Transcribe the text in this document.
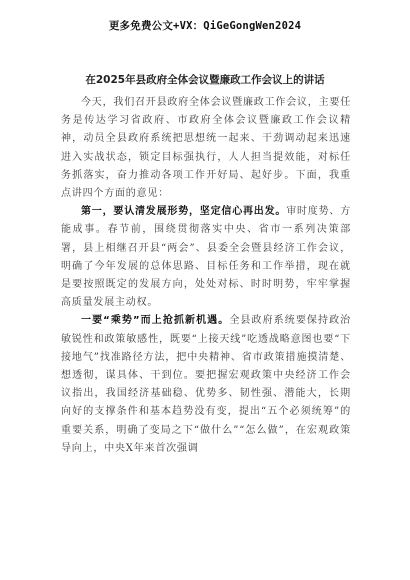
更多免费公文+VX：QiGeGongWen2024
在2025年县政府全体会议暨廉政工作会议上的讲话

今天，我们召开县政府全体会议暨廉政工作会议，主要任务是传达学习省政府、市政府全体会议暨廉政工作会议精神，动员全县政府系统把思想统一起来、干劲调动起来迅速进入实战状态，锁定目标强执行，人人担当提效能，对标任务抓落实，奋力推动各项工作开好局、起好步。下面，我重点讲四个方面的意见：

第一，要认清发展形势，坚定信心再出发。审时度势、方能成事。春节前，围绕贯彻落实中央、省市一系列决策部署，县上相继召开县“两会”、县委全会暨县经济工作会议，明确了今年发展的总体思路、目标任务和工作举措，现在就是要按照既定的发展方向，处处对标、时时明势，牢牢掌握高质量发展主动权。

一要“乘势”而上抢抓新机遇。全县政府系统要保持政治敏锐性和政策敏感性，既要“上接天线”吃透战略意图也要“下接地气”找准路径方法，把中央精神、省市政策措施摸清楚、想透彻，谋具体、干到位。要把握宏观政策中央经济工作会议指出，我国经济基础稳、优势多、韧性强、潜能大，长期向好的支撑条件和基本趋势没有变，提出“五个必须统筹”的重要关系，明确了变局之下“做什么”“怎么做”，在宏观政策导向上，中央X年来首次强调
